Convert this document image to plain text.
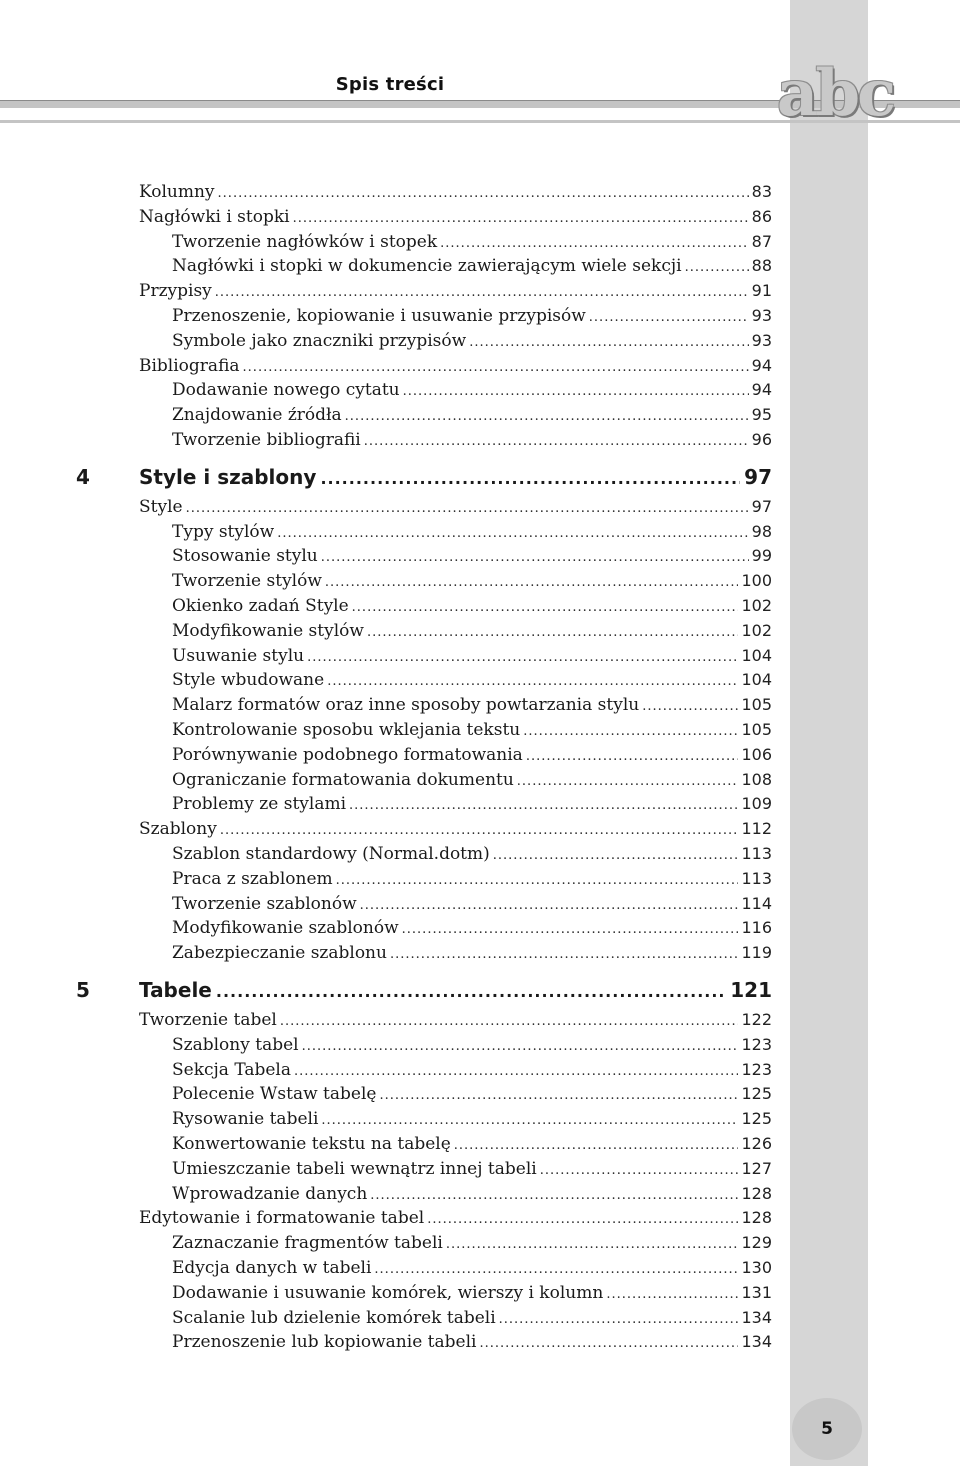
Spis treści	abc
Kolumny .....	83
Nagłówki i stopki .....	86
Tworzenie nagłówków i stopek .....	87
Nagłówki i stopki w dokumencie zawierającym wiele sekcji .....	88
Przypisy .....	91
Przenoszenie, kopiowanie i usuwanie przypisów .....	93
Symbole jako znaczniki przypisów .....	93
Bibliografia .....	94
Dodawanie nowego cytatu .....	94
Znajdowanie źródła .....	95
Tworzenie bibliografii .....	96
4	Style i szablony .....	97
Style .....	97
Typy stylów .....	98
Stosowanie stylu .....	99
Tworzenie stylów .....	100
Okienko zadań Style .....	102
Modyfikowanie stylów .....	102
Usuwanie stylu .....	104
Style wbudowane .....	104
Malarz formatów oraz inne sposoby powtarzania stylu .....	105
Kontrolowanie sposobu wklejania tekstu .....	105
Porównywanie podobnego formatowania .....	106
Ograniczanie formatowania dokumentu .....	108
Problemy ze stylami .....	109
Szablony .....	112
Szablon standardowy (Normal.dotm) .....	113
Praca z szablonem .....	113
Tworzenie szablonów .....	114
Modyfikowanie szablonów .....	116
Zabezpieczanie szablonu .....	119
5	Tabele .....	121
Tworzenie tabel .....	122
Szablony tabel .....	123
Sekcja Tabela .....	123
Polecenie Wstaw tabelę .....	125
Rysowanie tabeli .....	125
Konwertowanie tekstu na tabelę .....	126
Umieszczanie tabeli wewnątrz innej tabeli .....	127
Wprowadzanie danych .....	128
Edytowanie i formatowanie tabel .....	128
Zaznaczanie fragmentów tabeli .....	129
Edycja danych w tabeli .....	130
Dodawanie i usuwanie komórek, wierszy i kolumn .....	131
Scalanie lub dzielenie komórek tabeli .....	134
Przenoszenie lub kopiowanie tabeli .....	134
5
